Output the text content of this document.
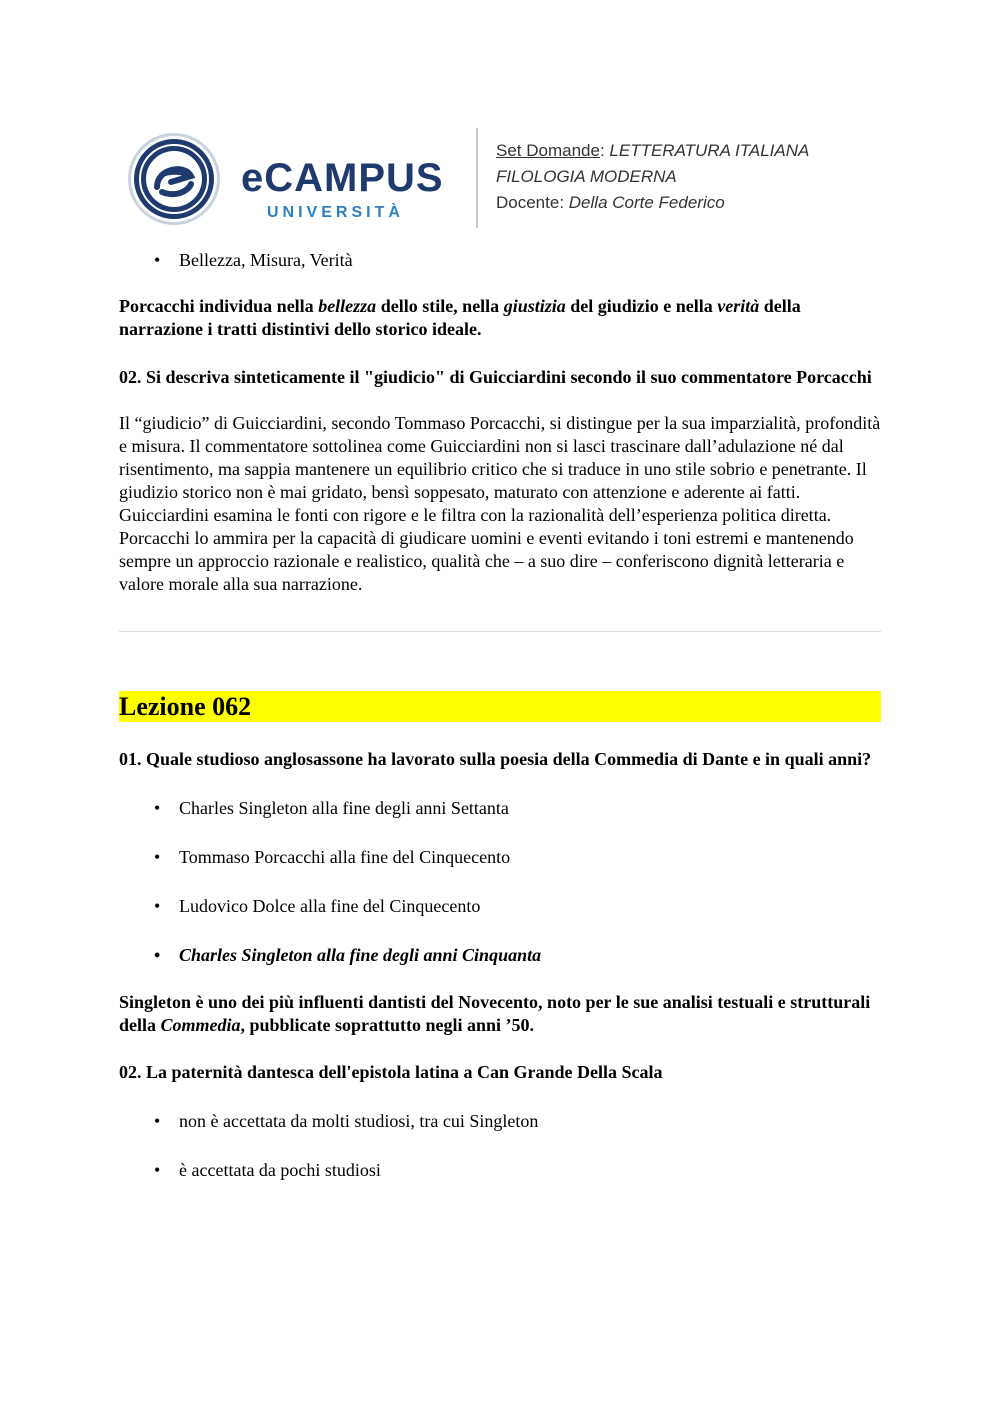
eCAMPUS
UNIVERSITÀ
Set Domande: LETTERATURA ITALIANA
FILOLOGIA MODERNA
Docente: Della Corte Federico

• Bellezza, Misura, Verità

Porcacchi individua nella bellezza dello stile, nella giustizia del giudizio e nella verità della narrazione i tratti distintivi dello storico ideale.

02. Si descriva sinteticamente il "giudicio" di Guicciardini secondo il suo commentatore Porcacchi

Il “giudicio” di Guicciardini, secondo Tommaso Porcacchi, si distingue per la sua imparzialità, profondità e misura. Il commentatore sottolinea come Guicciardini non si lasci trascinare dall’adulazione né dal risentimento, ma sappia mantenere un equilibrio critico che si traduce in uno stile sobrio e penetrante. Il giudizio storico non è mai gridato, bensì soppesato, maturato con attenzione e aderente ai fatti. Guicciardini esamina le fonti con rigore e le filtra con la razionalità dell’esperienza politica diretta. Porcacchi lo ammira per la capacità di giudicare uomini e eventi evitando i toni estremi e mantenendo sempre un approccio razionale e realistico, qualità che – a suo dire – conferiscono dignità letteraria e valore morale alla sua narrazione.

Lezione 062

01. Quale studioso anglosassone ha lavorato sulla poesia della Commedia di Dante e in quali anni?

• Charles Singleton alla fine degli anni Settanta

• Tommaso Porcacchi alla fine del Cinquecento

• Ludovico Dolce alla fine del Cinquecento

• Charles Singleton alla fine degli anni Cinquanta

Singleton è uno dei più influenti dantisti del Novecento, noto per le sue analisi testuali e strutturali della Commedia, pubblicate soprattutto negli anni ’50.

02. La paternità dantesca dell'epistola latina a Can Grande Della Scala

• non è accettata da molti studiosi, tra cui Singleton

• è accettata da pochi studiosi
